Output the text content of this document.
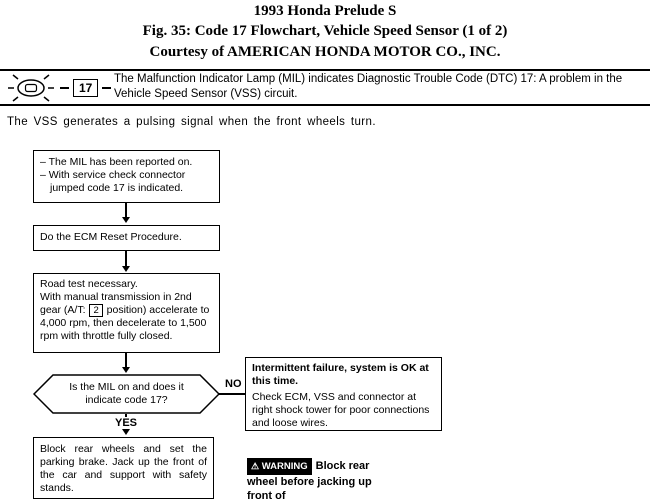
1993 Honda Prelude S
Fig. 35: Code 17 Flowchart, Vehicle Speed Sensor (1 of 2)
Courtesy of AMERICAN HONDA MOTOR CO., INC.
17
The Malfunction Indicator Lamp (MIL) indicates Diagnostic Trouble Code (DTC) 17: A problem in the
Vehicle Speed Sensor (VSS) circuit.
The VSS generates a pulsing signal when the front wheels turn.
– The MIL has been reported on.
– With service check connector jumped code 17 is indicated.
Do the ECM Reset Procedure.
Road test necessary.
With manual transmission in 2nd gear (A/T: 2 position) accelerate to 4,000 rpm, then decelerate to 1,500 rpm with throttle fully closed.
Is the MIL on and does it indicate code 17?
NO
Intermittent failure, system is OK at this time.
Check ECM, VSS and connector at right shock tower for poor connections and loose wires.
YES
Block rear wheels and set the parking brake. Jack up the front of the car and support with safety stands.
⚠ WARNING Block rear wheel before jacking up front of
